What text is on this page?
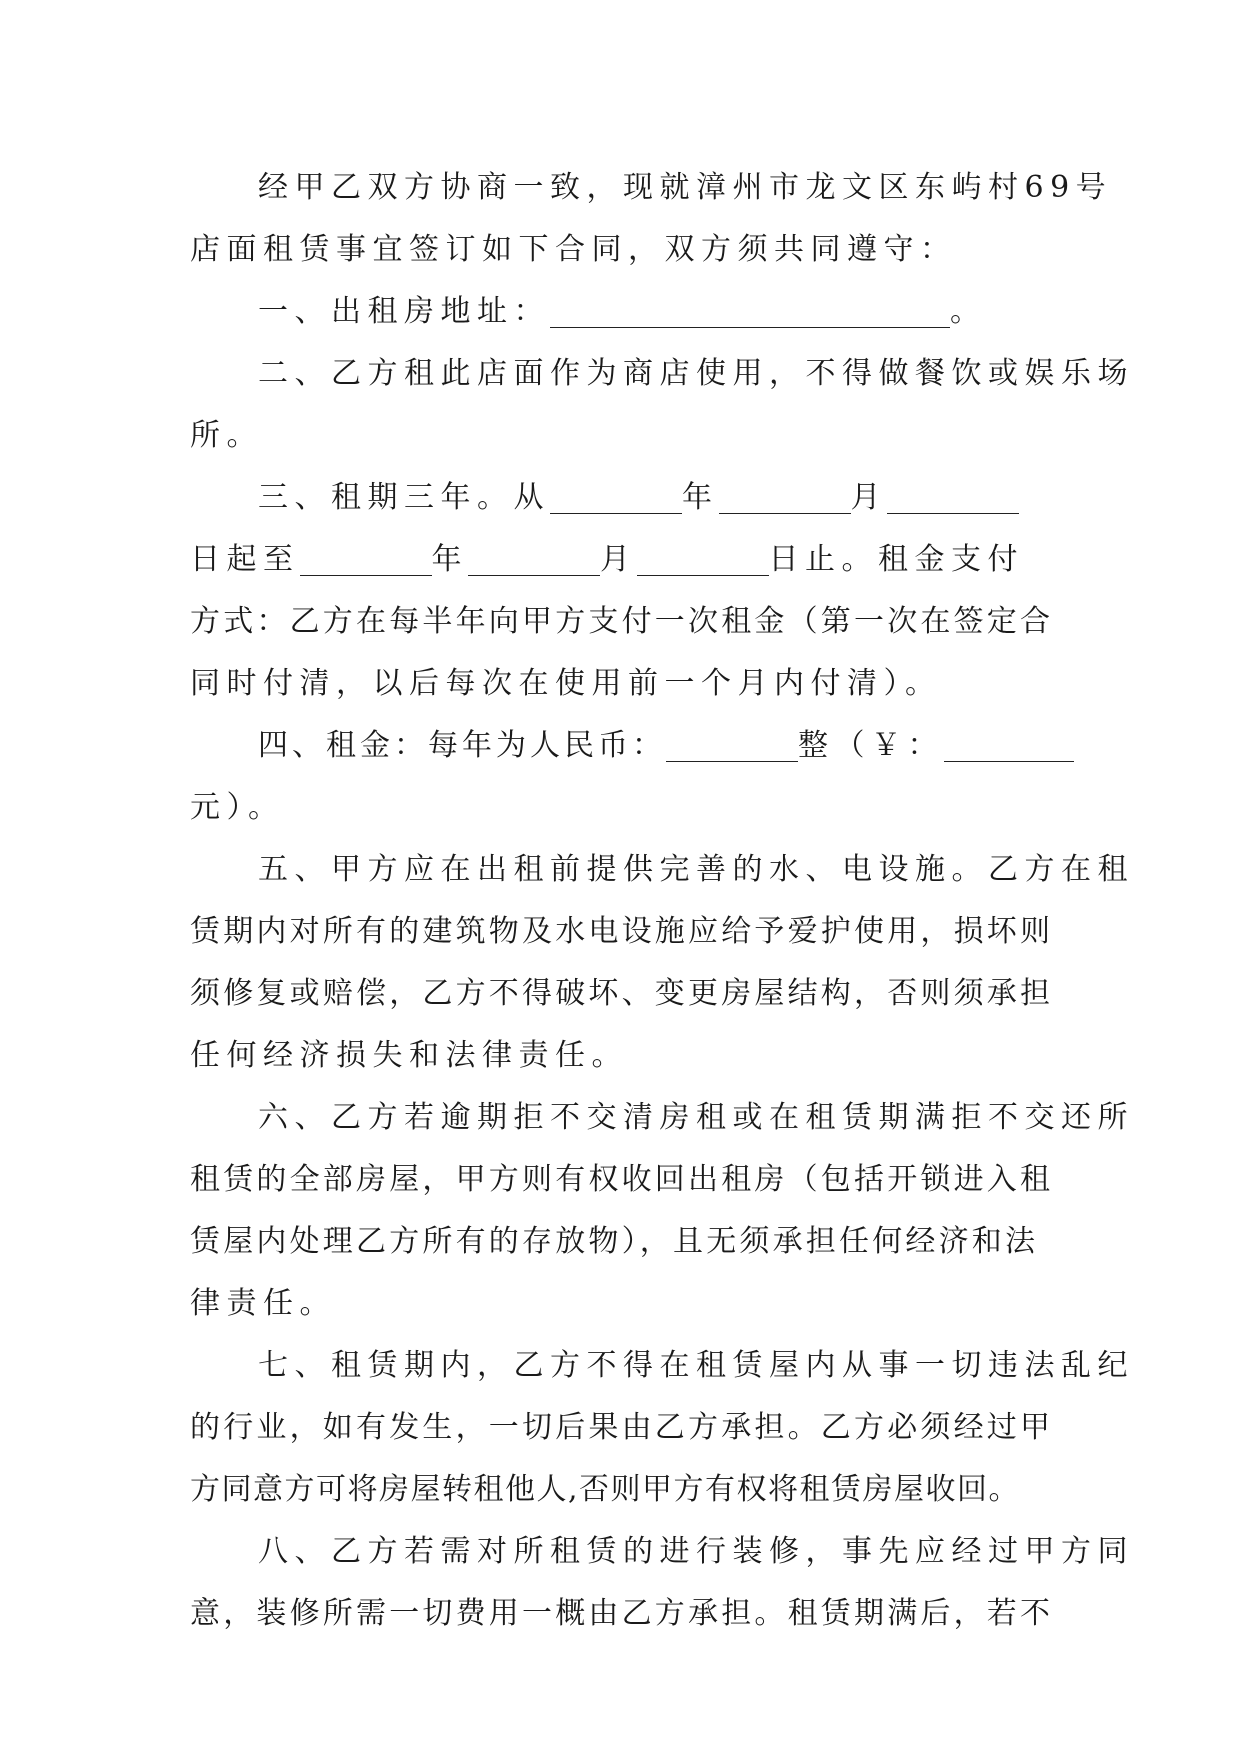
经甲乙双方协商一致，现就漳州市龙文区东屿村69号
店面租赁事宜签订如下合同，双方须共同遵守：
一、出租房地址：	。
二、乙方租此店面作为商店使用，不得做餐饮或娱乐场
所。
三、租期三年。从	年	月
日起至	年	月	日止。租金支付
方式：乙方在每半年向甲方支付一次租金（第一次在签定合
同时付清，以后每次在使用前一个月内付清）。
四、租金：每年为人民币：	整（￥：
元）。
五、甲方应在出租前提供完善的水、电设施。乙方在租
赁期内对所有的建筑物及水电设施应给予爱护使用，损坏则
须修复或赔偿，乙方不得破坏、变更房屋结构，否则须承担
任何经济损失和法律责任。
六、乙方若逾期拒不交清房租或在租赁期满拒不交还所
租赁的全部房屋，甲方则有权收回出租房（包括开锁进入租
赁屋内处理乙方所有的存放物），且无须承担任何经济和法
律责任。
七、租赁期内，乙方不得在租赁屋内从事一切违法乱纪
的行业，如有发生，一切后果由乙方承担。乙方必须经过甲
方同意方可将房屋转租他人,否则甲方有权将租赁房屋收回。
八、乙方若需对所租赁的进行装修，事先应经过甲方同
意，装修所需一切费用一概由乙方承担。租赁期满后，若不
